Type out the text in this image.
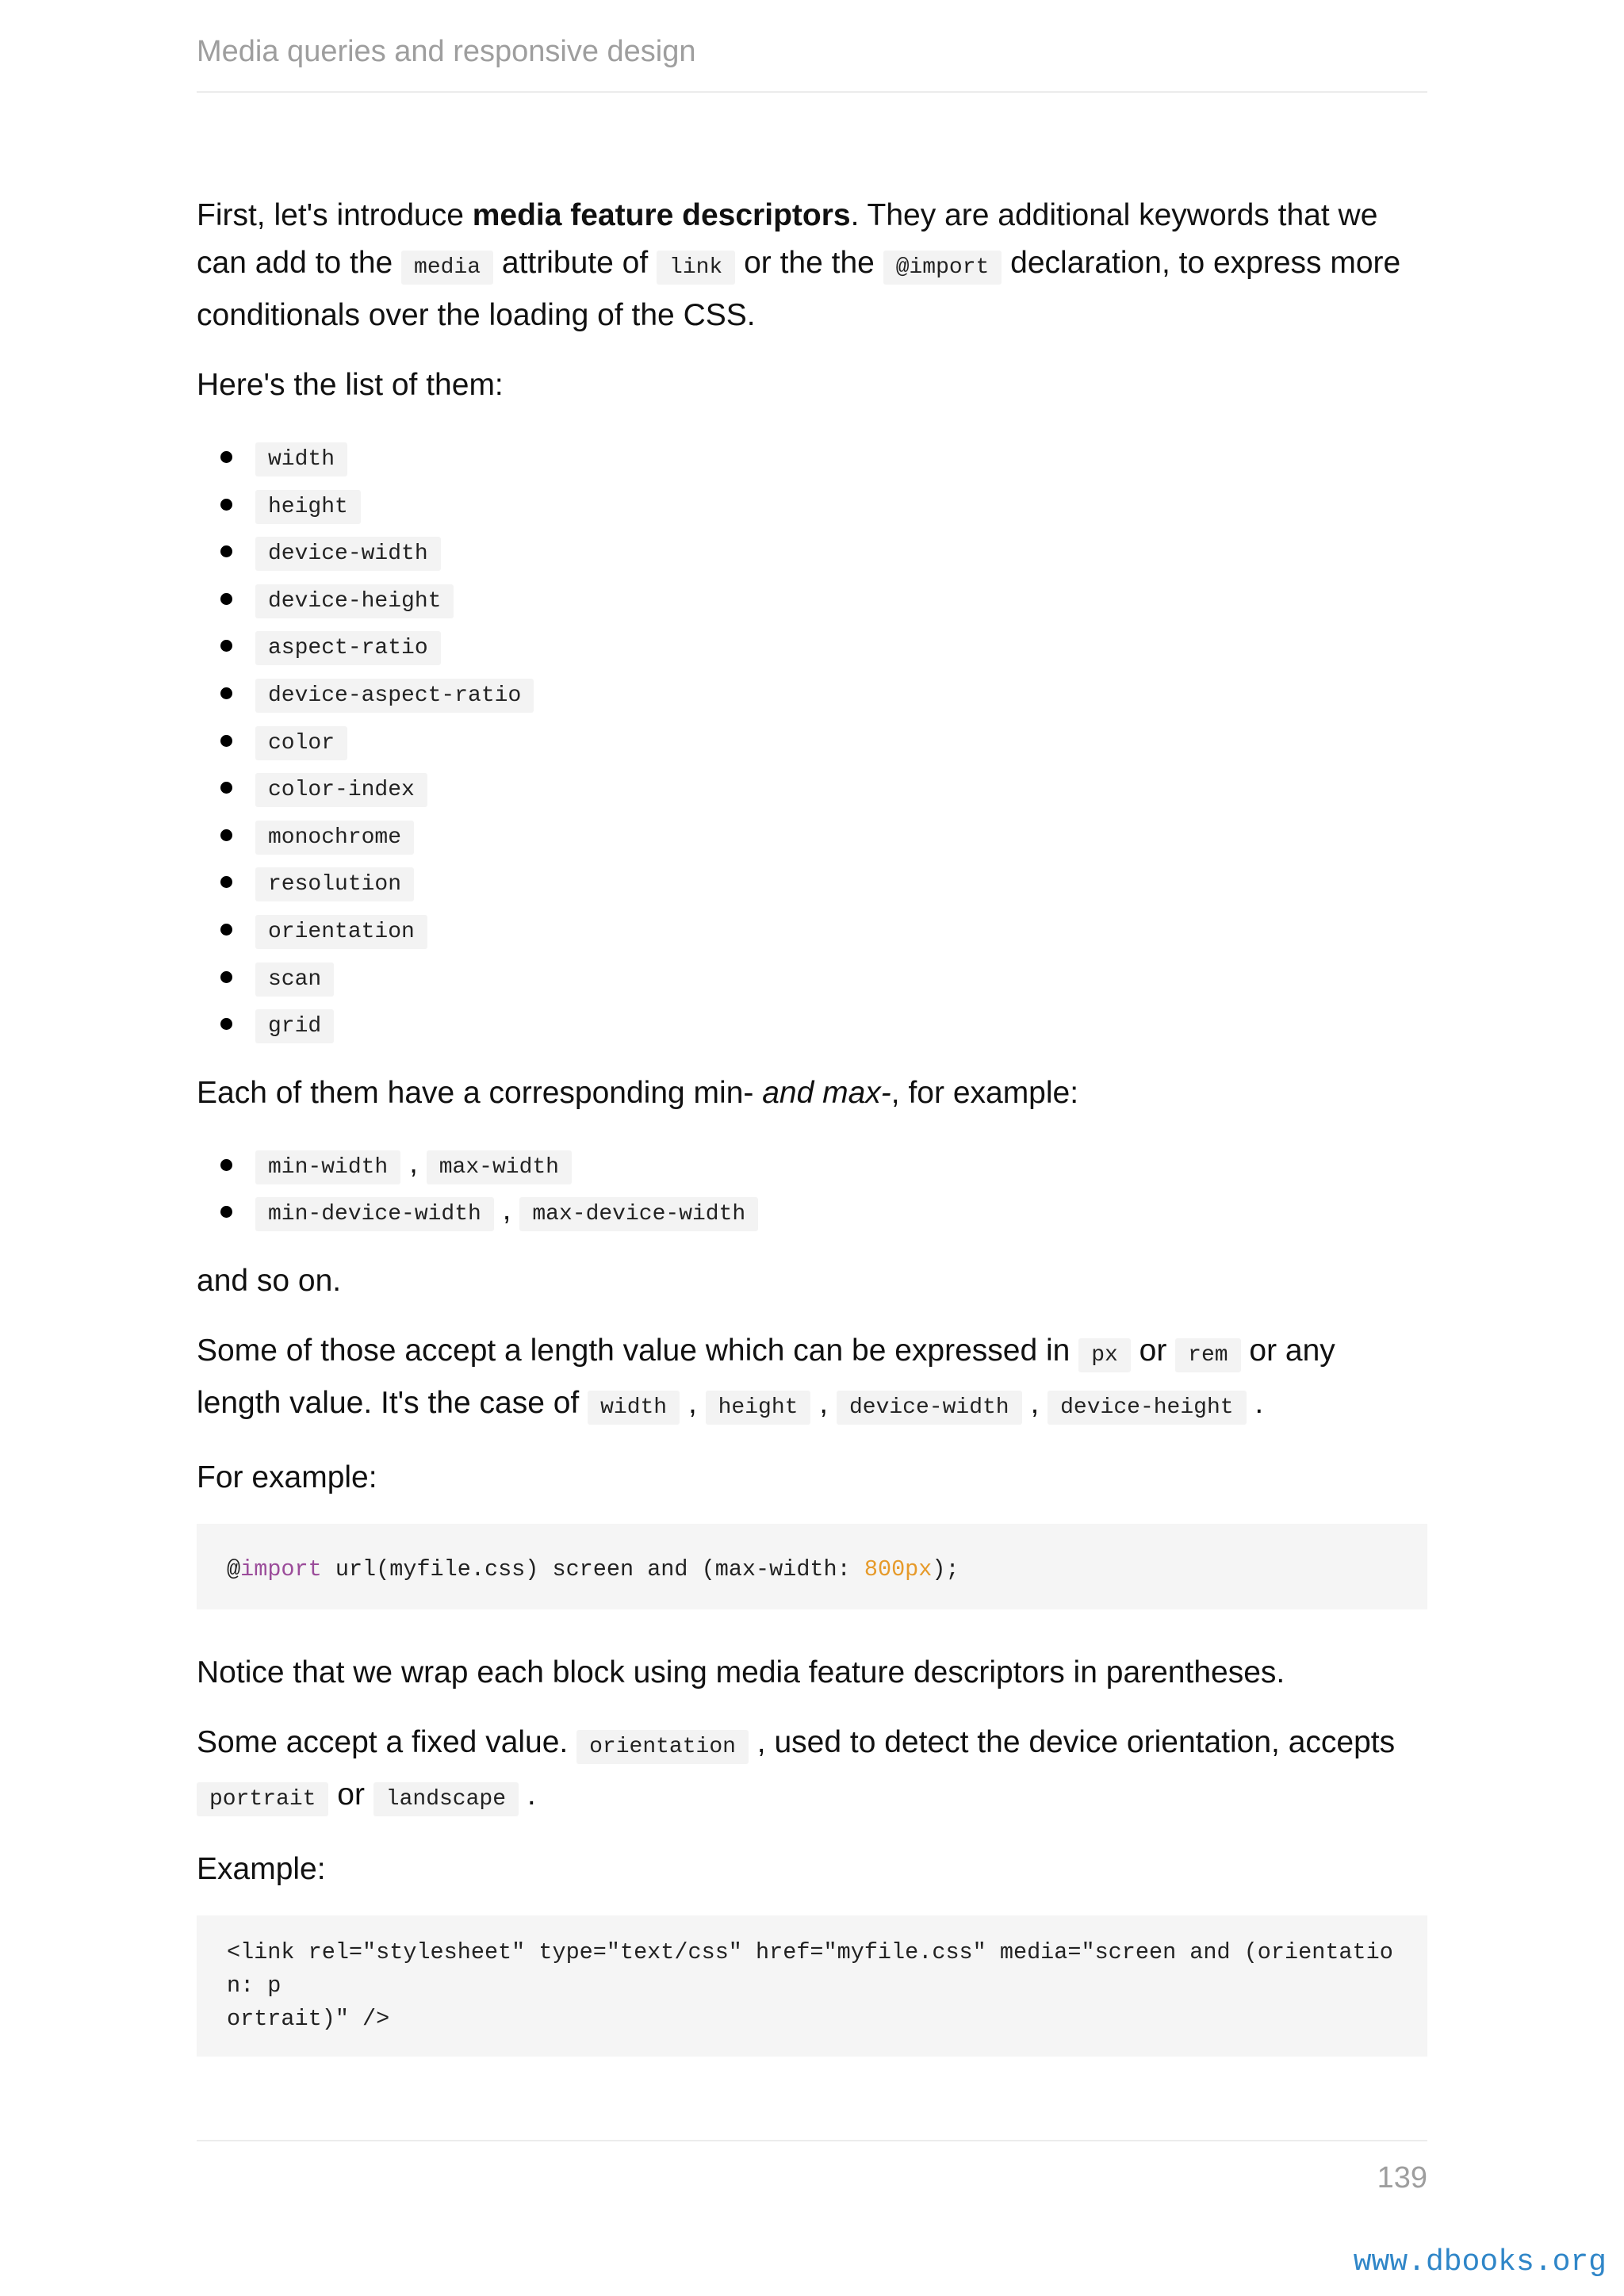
Media queries and responsive design

First, let's introduce media feature descriptors. They are additional keywords that we can add to the media attribute of link or the the @import declaration, to express more conditionals over the loading of the CSS.

Here's the list of them:

width
height
device-width
device-height
aspect-ratio
device-aspect-ratio
color
color-index
monochrome
resolution
orientation
scan
grid

Each of them have a corresponding min- and max-, for example:

min-width , max-width
min-device-width , max-device-width

and so on.

Some of those accept a length value which can be expressed in px or rem or any length value. It's the case of width , height , device-width , device-height .

For example:

@import url(myfile.css) screen and (max-width: 800px);

Notice that we wrap each block using media feature descriptors in parentheses.

Some accept a fixed value. orientation , used to detect the device orientation, accepts portrait or landscape .

Example:

<link rel="stylesheet" type="text/css" href="myfile.css" media="screen and (orientation: p
ortrait)" />
139
www.dbooks.org
